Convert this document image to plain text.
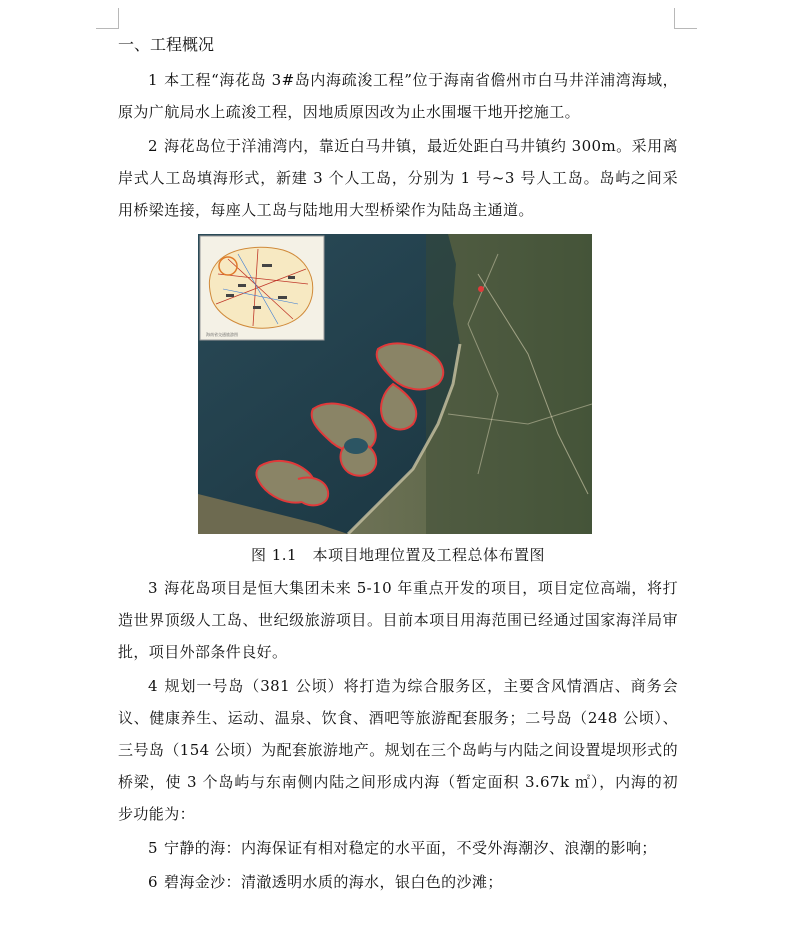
一、工程概况

1 本工程“海花岛 3#岛内海疏浚工程”位于海南省儋州市白马井洋浦湾海域，原为广航局水上疏浚工程，因地质原因改为止水围堰干地开挖施工。

2 海花岛位于洋浦湾内，靠近白马井镇，最近处距白马井镇约 300m。采用离岸式人工岛填海形式，新建 3 个人工岛，分别为 1 号~3 号人工岛。岛屿之间采用桥梁连接，每座人工岛与陆地用大型桥梁作为陆岛主通道。

海南省交通旅游图
图 1.1　本项目地理位置及工程总体布置图

3 海花岛项目是恒大集团未来 5-10 年重点开发的项目，项目定位高端，将打造世界顶级人工岛、世纪级旅游项目。目前本项目用海范围已经通过国家海洋局审批，项目外部条件良好。

4 规划一号岛（381 公顷）将打造为综合服务区，主要含风情酒店、商务会议、健康养生、运动、温泉、饮食、酒吧等旅游配套服务；二号岛（248 公顷）、三号岛（154 公顷）为配套旅游地产。规划在三个岛屿与内陆之间设置堤坝形式的桥梁，使 3 个岛屿与东南侧内陆之间形成内海（暂定面积 3.67k ㎡），内海的初步功能为：

5 宁静的海：内海保证有相对稳定的水平面，不受外海潮汐、浪潮的影响；

6 碧海金沙：清澈透明水质的海水，银白色的沙滩；
